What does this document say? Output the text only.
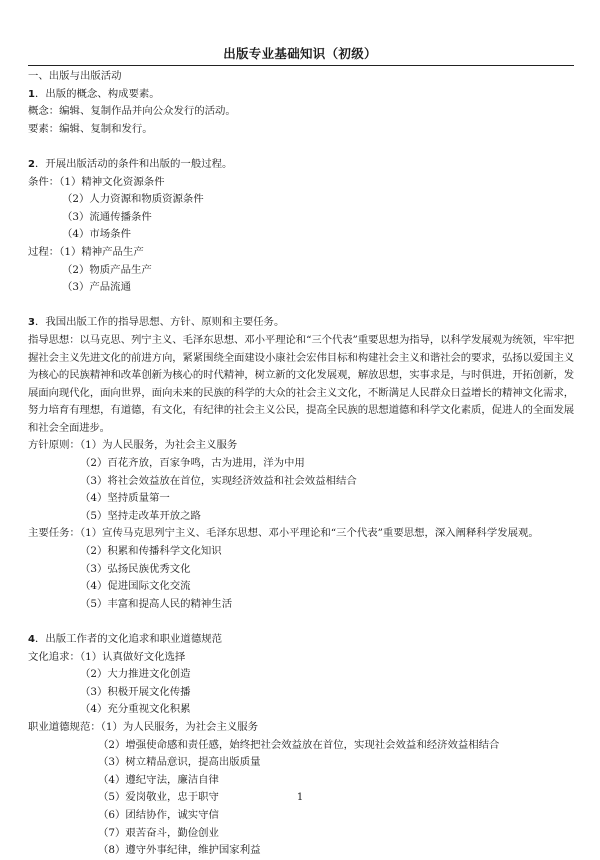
出版专业基础知识（初级）
一、出版与出版活动
1．出版的概念、构成要素。
概念：编辑、复制作品并向公众发行的活动。
要素：编辑、复制和发行。
2．开展出版活动的条件和出版的一般过程。
条件：（1）精神文化资源条件
（2）人力资源和物质资源条件
（3）流通传播条件
（4）市场条件
过程：（1）精神产品生产
（2）物质产品生产
（3）产品流通
3．我国出版工作的指导思想、方针、原则和主要任务。
指导思想：以马克思、列宁主义、毛泽东思想、邓小平理论和“三个代表”重要思想为指导，以科学发展观为统领，牢牢把握社会主义先进文化的前进方向，紧紧围绕全面建设小康社会宏伟目标和构建社会主义和谐社会的要求，弘扬以爱国主义为核心的民族精神和改革创新为核心的时代精神，树立新的文化发展观，解放思想，实事求是，与时俱进，开拓创新，发展面向现代化，面向世界，面向未来的民族的科学的大众的社会主义文化，不断满足人民群众日益增长的精神文化需求，努力培育有理想，有道德，有文化，有纪律的社会主义公民，提高全民族的思想道德和科学文化素质，促进人的全面发展和社会全面进步。
方针原则：（1）为人民服务，为社会主义服务
（2）百花齐放，百家争鸣，古为进用，洋为中用
（3）将社会效益放在首位，实现经济效益和社会效益相结合
（4）坚持质量第一
（5）坚持走改革开放之路
主要任务：（1）宣传马克思列宁主义、毛泽东思想、邓小平理论和“三个代表”重要思想，深入阐释科学发展观。
（2）积累和传播科学文化知识
（3）弘扬民族优秀文化
（4）促进国际文化交流
（5）丰富和提高人民的精神生活
4．出版工作者的文化追求和职业道德规范
文化追求：（1）认真做好文化选择
（2）大力推进文化创造
（3）积极开展文化传播
（4）充分重视文化积累
职业道德规范：（1）为人民服务，为社会主义服务
（2）增强使命感和责任感，始终把社会效益放在首位，实现社会效益和经济效益相结合
（3）树立精品意识，提高出版质量
（4）遵纪守法，廉洁自律
（5）爱岗敬业，忠于职守
（6）团结协作，诚实守信
（7）艰苦奋斗，勤俭创业
（8）遵守外事纪律，维护国家利益
1
